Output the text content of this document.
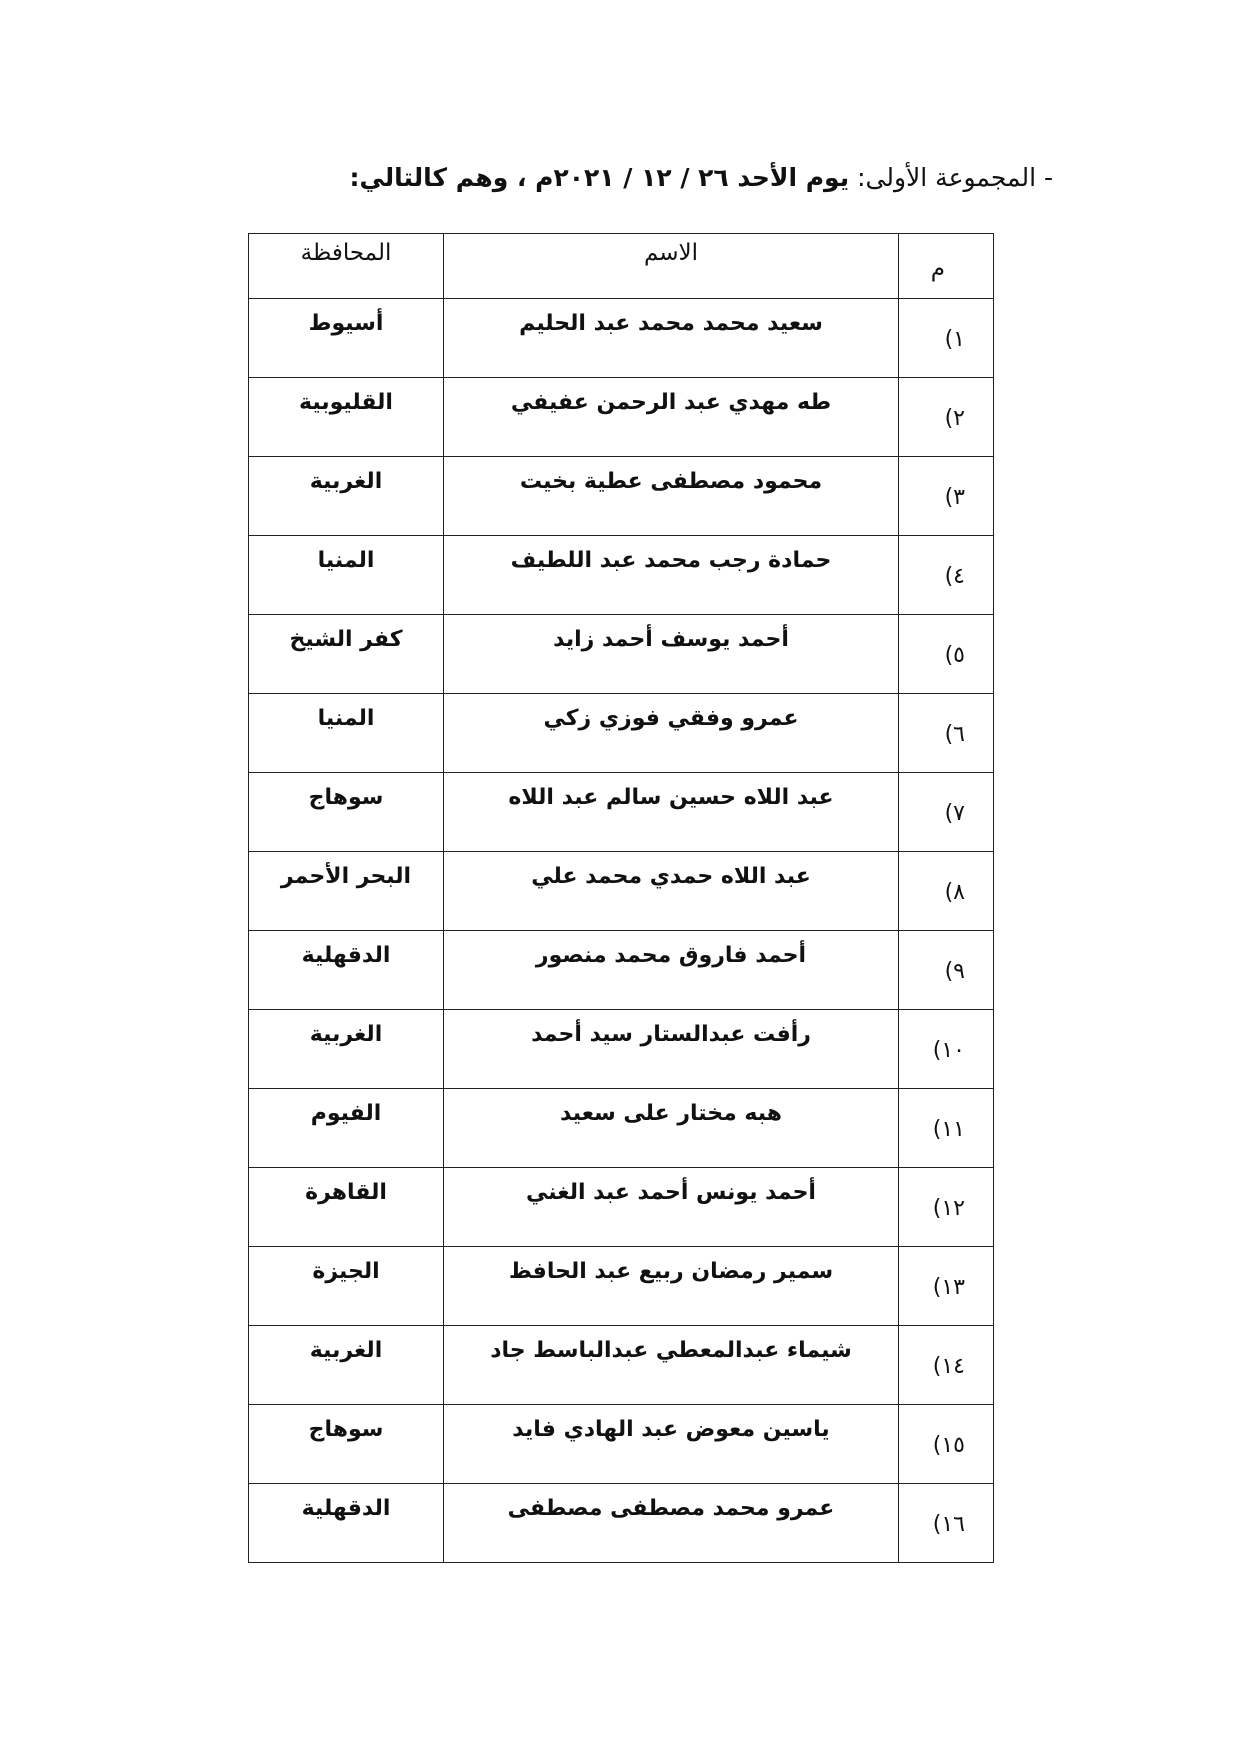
- المجموعة الأولى: يوم الأحد ٢٦ / ١٢ / ٢٠٢١م ، وهم كالتالي:
م	الاسم	المحافظة

١)	سعيد محمد محمد عبد الحليم	أسيوط

٢)	طه مهدي عبد الرحمن عفيفي	القليوبية

٣)	محمود مصطفى عطية بخيت	الغربية

٤)	حمادة رجب محمد عبد اللطيف	المنيا

٥)	أحمد يوسف أحمد زايد	كفر الشيخ

٦)	عمرو وفقي فوزي زكي	المنيا

٧)	عبد اللاه حسين سالم عبد اللاه	سوهاج

٨)	عبد اللاه حمدي محمد علي	البحر الأحمر

٩)	أحمد فاروق محمد منصور	الدقهلية

١٠)	رأفت عبدالستار سيد أحمد	الغربية

١١)	هبه مختار على سعيد	الفيوم

١٢)	أحمد يونس أحمد عبد الغني	القاهرة

١٣)	سمير رمضان ربيع عبد الحافظ	الجيزة

١٤)	شيماء عبدالمعطي عبدالباسط جاد	الغربية

١٥)	ياسين معوض عبد الهادي فايد	سوهاج

١٦)	عمرو محمد مصطفى مصطفى	الدقهلية
